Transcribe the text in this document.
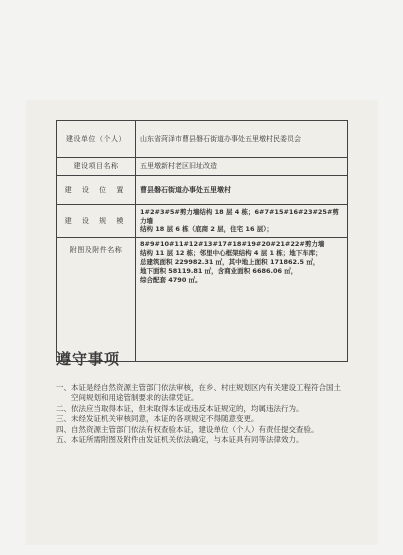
建设单位（个人）	山东省菏泽市曹县磐石街道办事处五里墩村民委员会
建设项目名称	五里墩新村老区旧址改造
建 设 位 置	曹县磐石街道办事处五里墩村
建 设 规 模	1#2#3#5#剪力墙结构 18 层 4 栋；6#7#15#16#23#25#剪力墙
结构 18 层 6 栋（底商 2 层，住宅 16 层）；

附图及附件名称	8#9#10#11#12#13#17#18#19#20#21#22#剪力墙
结构 11 层 12 栋；邻里中心框架结构 4 层 1 栋；地下车库；
总建筑面积 229982.31 ㎡，其中地上面积 171862.5 ㎡，
地下面积 58119.81 ㎡，含商业面积 6686.06 ㎡，
综合配套 4790 ㎡。
遵守事项
一、 本证是经自然资源主管部门依法审核，在乡、村庄规划区内有关建设工程符合国土空间规划和用途管制要求的法律凭证。
二、 依法应当取得本证，但未取得本证或违反本证规定的，均属违法行为。
三、 未经发证机关审核同意，本证的各项规定不得随意变更。
四、 自然资源主管部门依法有权查验本证，建设单位（个人）有责任提交查验。
五、 本证所需附图及附件由发证机关依法确定，与本证具有同等法律效力。
